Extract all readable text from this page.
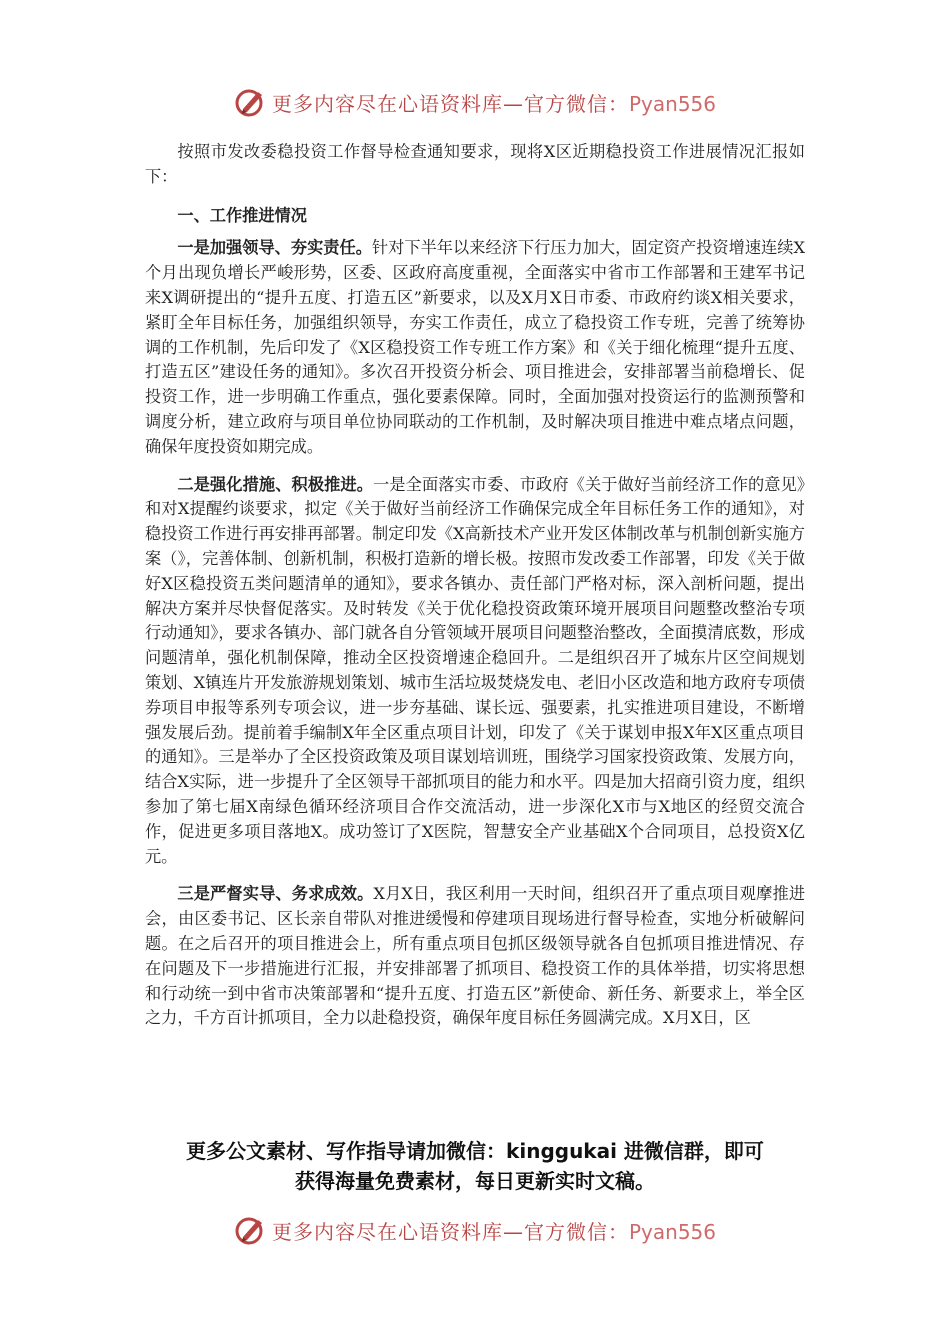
更多内容尽在心语资料库—官方微信：Pyan556

按照市发改委稳投资工作督导检查通知要求，现将X区近期稳投资工作进展情况汇报如下：

一、工作推进情况

一是加强领导、夯实责任。针对下半年以来经济下行压力加大，固定资产投资增速连续X个月出现负增长严峻形势，区委、区政府高度重视，全面落实中省市工作部署和王建军书记来X调研提出的“提升五度、打造五区”新要求，以及X月X日市委、市政府约谈X相关要求，紧盯全年目标任务，加强组织领导，夯实工作责任，成立了稳投资工作专班，完善了统筹协调的工作机制，先后印发了《X区稳投资工作专班工作方案》和《关于细化梳理“提升五度、打造五区”建设任务的通知》。多次召开投资分析会、项目推进会，安排部署当前稳增长、促投资工作，进一步明确工作重点，强化要素保障。同时，全面加强对投资运行的监测预警和调度分析，建立政府与项目单位协同联动的工作机制，及时解决项目推进中难点堵点问题，确保年度投资如期完成。

二是强化措施、积极推进。一是全面落实市委、市政府《关于做好当前经济工作的意见》和对X提醒约谈要求，拟定《关于做好当前经济工作确保完成全年目标任务工作的通知》，对稳投资工作进行再安排再部署。制定印发《X高新技术产业开发区体制改革与机制创新实施方案（》，完善体制、创新机制，积极打造新的增长极。按照市发改委工作部署，印发《关于做好X区稳投资五类问题清单的通知》，要求各镇办、责任部门严格对标，深入剖析问题，提出解决方案并尽快督促落实。及时转发《关于优化稳投资政策环境开展项目问题整改整治专项行动通知》，要求各镇办、部门就各自分管领域开展项目问题整治整改，全面摸清底数，形成问题清单，强化机制保障，推动全区投资增速企稳回升。二是组织召开了城东片区空间规划策划、X镇连片开发旅游规划策划、城市生活垃圾焚烧发电、老旧小区改造和地方政府专项债券项目申报等系列专项会议，进一步夯基础、谋长远、强要素，扎实推进项目建设，不断增强发展后劲。提前着手编制X年全区重点项目计划，印发了《关于谋划申报X年X区重点项目的通知》。三是举办了全区投资政策及项目谋划培训班，围绕学习国家投资政策、发展方向，结合X实际，进一步提升了全区领导干部抓项目的能力和水平。四是加大招商引资力度，组织参加了第七届X南绿色循环经济项目合作交流活动，进一步深化X市与X地区的经贸交流合作，促进更多项目落地X。成功签订了X医院，智慧安全产业基础X个合同项目，总投资X亿元。

三是严督实导、务求成效。X月X日，我区利用一天时间，组织召开了重点项目观摩推进会，由区委书记、区长亲自带队对推进缓慢和停建项目现场进行督导检查，实地分析破解问题。在之后召开的项目推进会上，所有重点项目包抓区级领导就各自包抓项目推进情况、存在问题及下一步措施进行汇报，并安排部署了抓项目、稳投资工作的具体举措，切实将思想和行动统一到中省市决策部署和“提升五度、打造五区”新使命、新任务、新要求上，举全区之力，千方百计抓项目，全力以赴稳投资，确保年度目标任务圆满完成。X月X日，区

更多公文素材、写作指导请加微信：kinggukai 进微信群，即可
获得海量免费素材，每日更新实时文稿。
更多内容尽在心语资料库—官方微信：Pyan556
